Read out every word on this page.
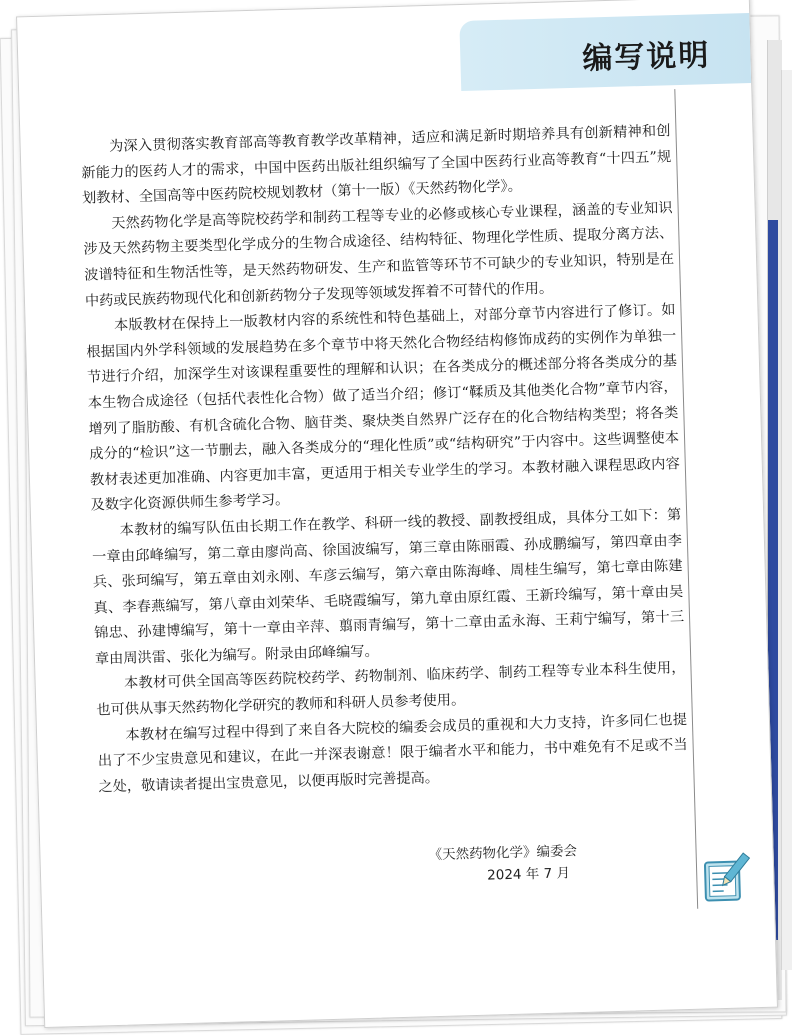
编写说明

为深入贯彻落实教育部高等教育教学改革精神，适应和满足新时期培养具有创新精神和创新能力的医药人才的需求，中国中医药出版社组织编写了全国中医药行业高等教育“十四五”规划教材、全国高等中医药院校规划教材（第十一版）《天然药物化学》。

天然药物化学是高等院校药学和制药工程等专业的必修或核心专业课程，涵盖的专业知识涉及天然药物主要类型化学成分的生物合成途径、结构特征、物理化学性质、提取分离方法、波谱特征和生物活性等，是天然药物研发、生产和监管等环节不可缺少的专业知识，特别是在中药或民族药物现代化和创新药物分子发现等领域发挥着不可替代的作用。

本版教材在保持上一版教材内容的系统性和特色基础上，对部分章节内容进行了修订。如根据国内外学科领域的发展趋势在多个章节中将天然化合物经结构修饰成药的实例作为单独一节进行介绍，加深学生对该课程重要性的理解和认识；在各类成分的概述部分将各类成分的基本生物合成途径（包括代表性化合物）做了适当介绍；修订“鞣质及其他类化合物”章节内容，增列了脂肪酸、有机含硫化合物、脑苷类、聚炔类自然界广泛存在的化合物结构类型；将各类成分的“检识”这一节删去，融入各类成分的“理化性质”或“结构研究”于内容中。这些调整使本教材表述更加准确、内容更加丰富，更适用于相关专业学生的学习。本教材融入课程思政内容及数字化资源供师生参考学习。

本教材的编写队伍由长期工作在教学、科研一线的教授、副教授组成，具体分工如下：第一章由邱峰编写，第二章由廖尚高、徐国波编写，第三章由陈丽霞、孙成鹏编写，第四章由李兵、张珂编写，第五章由刘永刚、车彦云编写，第六章由陈海峰、周桂生编写，第七章由陈建真、李春燕编写，第八章由刘荣华、毛晓霞编写，第九章由原红霞、王新玲编写，第十章由吴锦忠、孙建博编写，第十一章由辛萍、翦雨青编写，第十二章由孟永海、王莉宁编写，第十三章由周洪雷、张化为编写。附录由邱峰编写。

本教材可供全国高等医药院校药学、药物制剂、临床药学、制药工程等专业本科生使用，也可供从事天然药物化学研究的教师和科研人员参考使用。

本教材在编写过程中得到了来自各大院校的编委会成员的重视和大力支持，许多同仁也提出了不少宝贵意见和建议，在此一并深表谢意！限于编者水平和能力，书中难免有不足或不当之处，敬请读者提出宝贵意见，以便再版时完善提高。

《天然药物化学》编委会
2024 年 7 月
